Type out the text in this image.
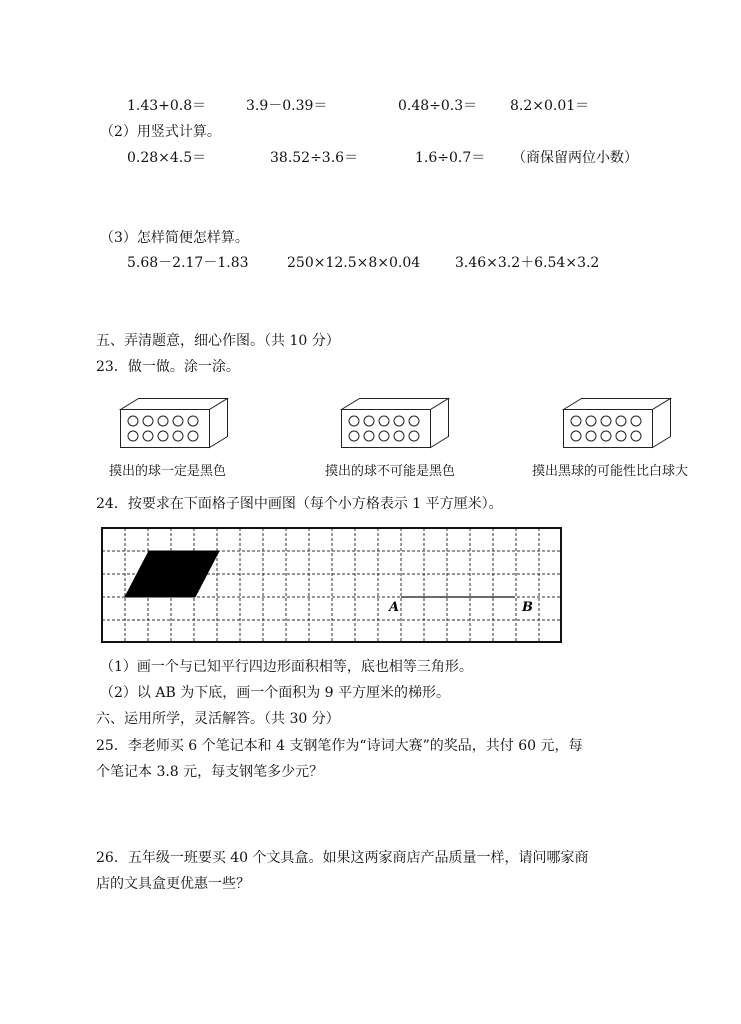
1.43+0.8＝	3.9－0.39＝	0.48÷0.3＝ 8.2×0.01＝
（2）用竖式计算。
0.28×4.5＝	38.52÷3.6＝	1.6÷0.7＝ （商保留两位小数）
（3）怎样简便怎样算。
5.68－2.17－1.83	250×12.5×8×0.04 3.46×3.2＋6.54×3.2
五、弄清题意，细心作图。（共 10 分）
23．做一做。涂一涂。
摸出的球一定是黑色	摸出的球不可能是黑色	摸出黑球的可能性比白球大
24．按要求在下面格子图中画图（每个小方格表示 1 平方厘米）。
A	B
（1）画一个与已知平行四边形面积相等，底也相等三角形。
（2）以 AB 为下底，画一个面积为 9 平方厘米的梯形。
六、运用所学，灵活解答。（共 30 分）
25．李老师买 6 个笔记本和 4 支钢笔作为“诗词大赛”的奖品，共付 60 元，每
个笔记本 3.8 元，每支钢笔多少元？
26．五年级一班要买 40 个文具盒。如果这两家商店产品质量一样，请问哪家商
店的文具盒更优惠一些？
